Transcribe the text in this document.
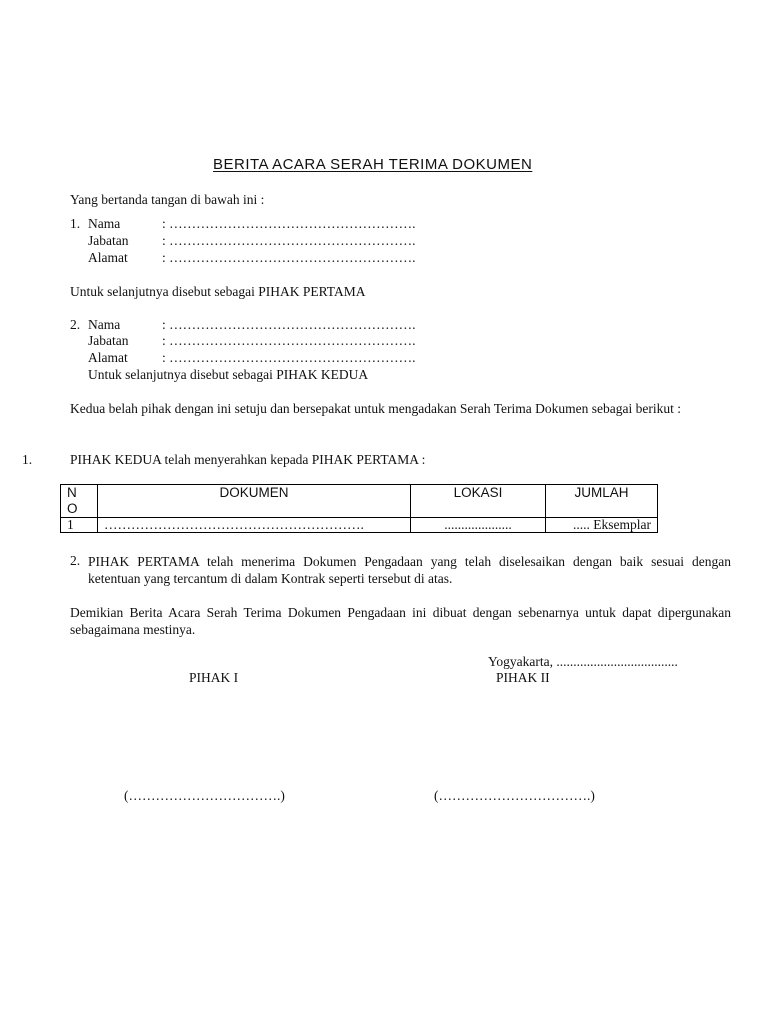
BERITA ACARA SERAH TERIMA DOKUMEN
Yang bertanda tangan di bawah ini :
1. Nama	: ……………………………………………….
Jabatan : ……………………………………………….
Alamat	: ……………………………………………….
Untuk selanjutnya disebut sebagai PIHAK PERTAMA
2. Nama	: ……………………………………………….
Jabatan : ……………………………………………….
Alamat	: ……………………………………………….
Untuk selanjutnya disebut sebagai PIHAK KEDUA
Kedua belah pihak dengan ini setuju dan bersepakat untuk mengadakan Serah Terima Dokumen sebagai berikut :
1.	PIHAK KEDUA telah menyerahkan kepada PIHAK PERTAMA :
N
O	DOKUMEN	LOKASI	JUMLAH
1	………………………………………………….	....................	..... Eksemplar
2. PIHAK PERTAMA telah menerima Dokumen Pengadaan yang telah diselesaikan dengan baik sesuai dengan ketentuan yang tercantum di dalam Kontrak seperti tersebut di atas.
Demikian Berita Acara Serah Terima Dokumen Pengadaan ini dibuat dengan sebenarnya untuk dapat dipergunakan sebagaimana mestinya.
Yogyakarta, ....................................
PIHAK I	PIHAK II
(…………………………….)	(…………………………….)
